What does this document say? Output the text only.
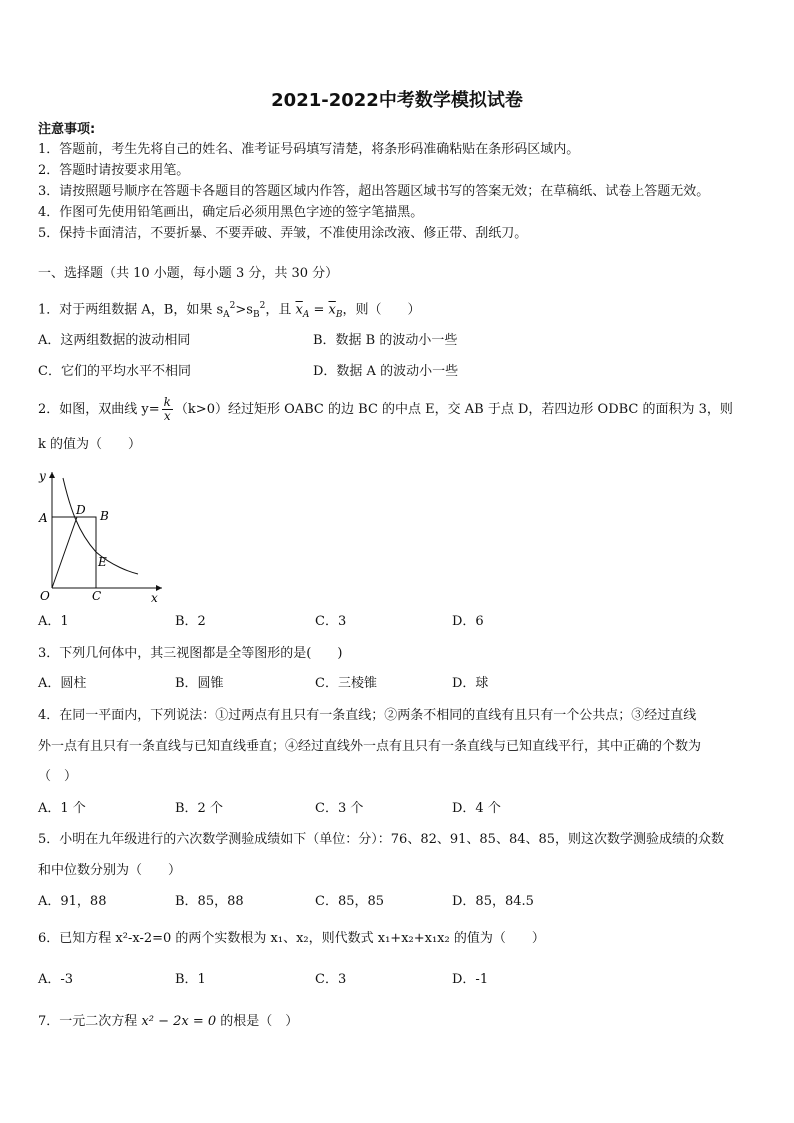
2021-2022中考数学模拟试卷
注意事项:
1．答题前，考生先将自己的姓名、准考证号码填写清楚，将条形码准确粘贴在条形码区域内。
2．答题时请按要求用笔。
3．请按照题号顺序在答题卡各题目的答题区域内作答，超出答题区域书写的答案无效；在草稿纸、试卷上答题无效。
4．作图可先使用铅笔画出，确定后必须用黑色字迹的签字笔描黑。
5．保持卡面清洁，不要折暴、不要弄破、弄皱，不准使用涂改液、修正带、刮纸刀。
一、选择题（共 10 小题，每小题 3 分，共 30 分）
1．对于两组数据 A，B，如果 $s_A^2>s_B^2$，且 $\overline{x}_A = \overline{x}_B$，则（　　）
A．这两组数据的波动相同	B．数据 B 的波动小一些
C．它们的平均水平不相同	D．数据 A 的波动小一些
2．如图，双曲线 $y= \frac{k}{x} (k>0)$经过矩形 OABC 的边 BC 的中点 E，交 AB 于点 D，若四边形 ODBC 的面积为 3，则
k 的值为（　　）
y
x
A
D B
E
O	C
A．1	B．2	C．3	D．6
3．下列几何体中，其三视图都是全等图形的是(　　)
A．圆柱	B．圆锥	C．三棱锥	D．球
4．在同一平面内，下列说法：①过两点有且只有一条直线；②两条不相同的直线有且只有一个公共点；③经过直线
外一点有且只有一条直线与已知直线垂直；④经过直线外一点有且只有一条直线与已知直线平行，其中正确的个数为
（　）
A．1 个	B．2 个	C．3 个	D．4 个
5．小明在九年级进行的六次数学测验成绩如下（单位：分）：76、82、91、85、84、85，则这次数学测验成绩的众数
和中位数分别为（　　）
A．91，88	B．85，88	C．85，85	D．85，84.5
6．已知方程 x²-x-2=0 的两个实数根为 x₁、x₂，则代数式 x₁+x₂+x₁x₂ 的值为（　　）
A．-3	B．1	C．3	D．-1
7．一元二次方程 x² − 2x = 0 的根是（　）
